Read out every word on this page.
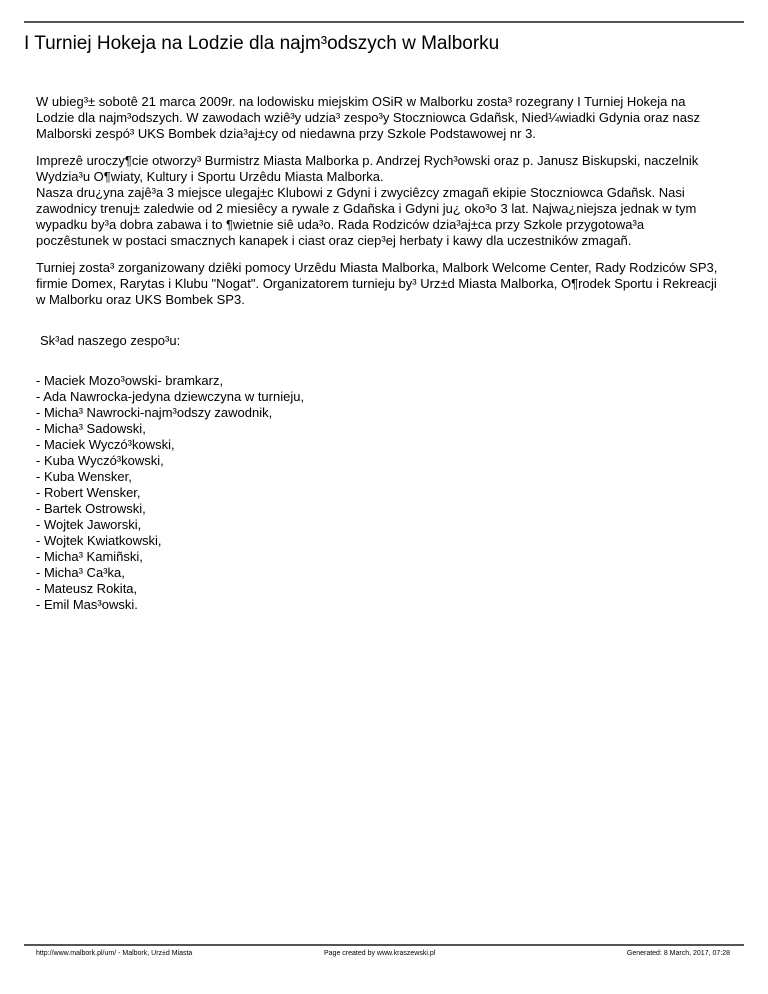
I Turniej Hokeja na Lodzie dla najm³odszych w Malborku

W ubieg³± sobotê 21 marca 2009r. na lodowisku miejskim OSiR w Malborku zosta³ rozegrany I Turniej Hokeja na
Lodzie dla najm³odszych. W zawodach wziê³y udzia³ zespo³y Stoczniowca Gdañsk, Nied¼wiadki Gdynia oraz nasz
Malborski zespó³ UKS Bombek dzia³aj±cy od niedawna przy Szkole Podstawowej nr 3.

Imprezê uroczy¶cie otworzy³ Burmistrz Miasta Malborka p. Andrzej Rych³owski oraz p. Janusz Biskupski, naczelnik
Wydzia³u O¶wiaty, Kultury i Sportu Urzêdu Miasta Malborka.
Nasza dru¿yna zajê³a 3 miejsce ulegaj±c Klubowi z Gdyni i zwyciêzcy zmagañ ekipie Stoczniowca Gdañsk. Nasi
zawodnicy trenuj± zaledwie od 2 miesiêcy a rywale z Gdañska i Gdyni ju¿ oko³o 3 lat. Najwa¿niejsza jednak w tym
wypadku by³a dobra zabawa i to ¶wietnie siê uda³o. Rada Rodziców dzia³aj±ca przy Szkole przygotowa³a
poczêstunek w postaci smacznych kanapek i ciast oraz ciep³ej herbaty i kawy dla uczestników zmagañ.

Turniej zosta³ zorganizowany dziêki pomocy Urzêdu Miasta Malborka, Malbork Welcome Center, Rady Rodziców SP3,
firmie Domex, Rarytas i Klubu "Nogat". Organizatorem turnieju by³ Urz±d Miasta Malborka, O¶rodek Sportu i Rekreacji
w Malborku oraz UKS Bombek SP3.

Sk³ad naszego zespo³u:
- Maciek Mozo³owski- bramkarz,
- Ada Nawrocka-jedyna dziewczyna w turnieju,
- Micha³ Nawrocki-najm³odszy zawodnik,
- Micha³ Sadowski,
- Maciek Wyczó³kowski,
- Kuba Wyczó³kowski,
- Kuba Wensker,
- Robert Wensker,
- Bartek Ostrowski,
- Wojtek Jaworski,
- Wojtek Kwiatkowski,
- Micha³ Kamiñski,
- Micha³ Ca³ka,
- Mateusz Rokita,
- Emil Mas³owski.
http://www.malbork.pl/um/ - Malbork, Urz±d Miasta	Page created by www.kraszewski.pl	Generated: 8 March, 2017, 07:28
